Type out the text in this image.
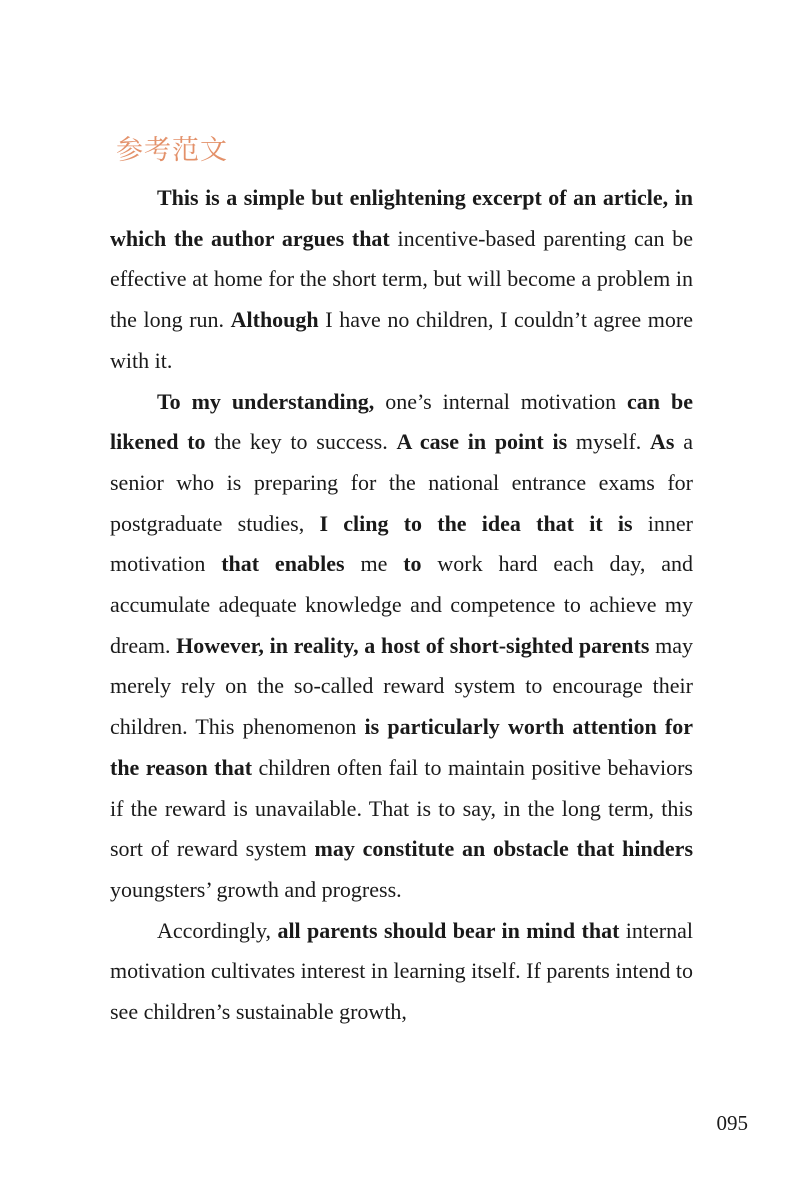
参考范文

This is a simple but enlightening excerpt of an article, in which the author argues that incentive-based parenting can be effective at home for the short term, but will become a problem in the long run. Although I have no children, I couldn’t agree more with it.

To my understanding, one’s internal motivation can be likened to the key to success. A case in point is myself. As a senior who is preparing for the national entrance exams for postgraduate studies, I cling to the idea that it is inner motivation that enables me to work hard each day, and accumulate adequate knowledge and competence to achieve my dream. However, in reality, a host of short-sighted parents may merely rely on the so-called reward system to encourage their children. This phenomenon is particularly worth attention for the reason that children often fail to maintain positive behaviors if the reward is unavailable. That is to say, in the long term, this sort of reward system may constitute an obstacle that hinders youngsters’ growth and progress.

Accordingly, all parents should bear in mind that internal motivation cultivates interest in learning itself. If parents intend to see children’s sustainable growth,

095
